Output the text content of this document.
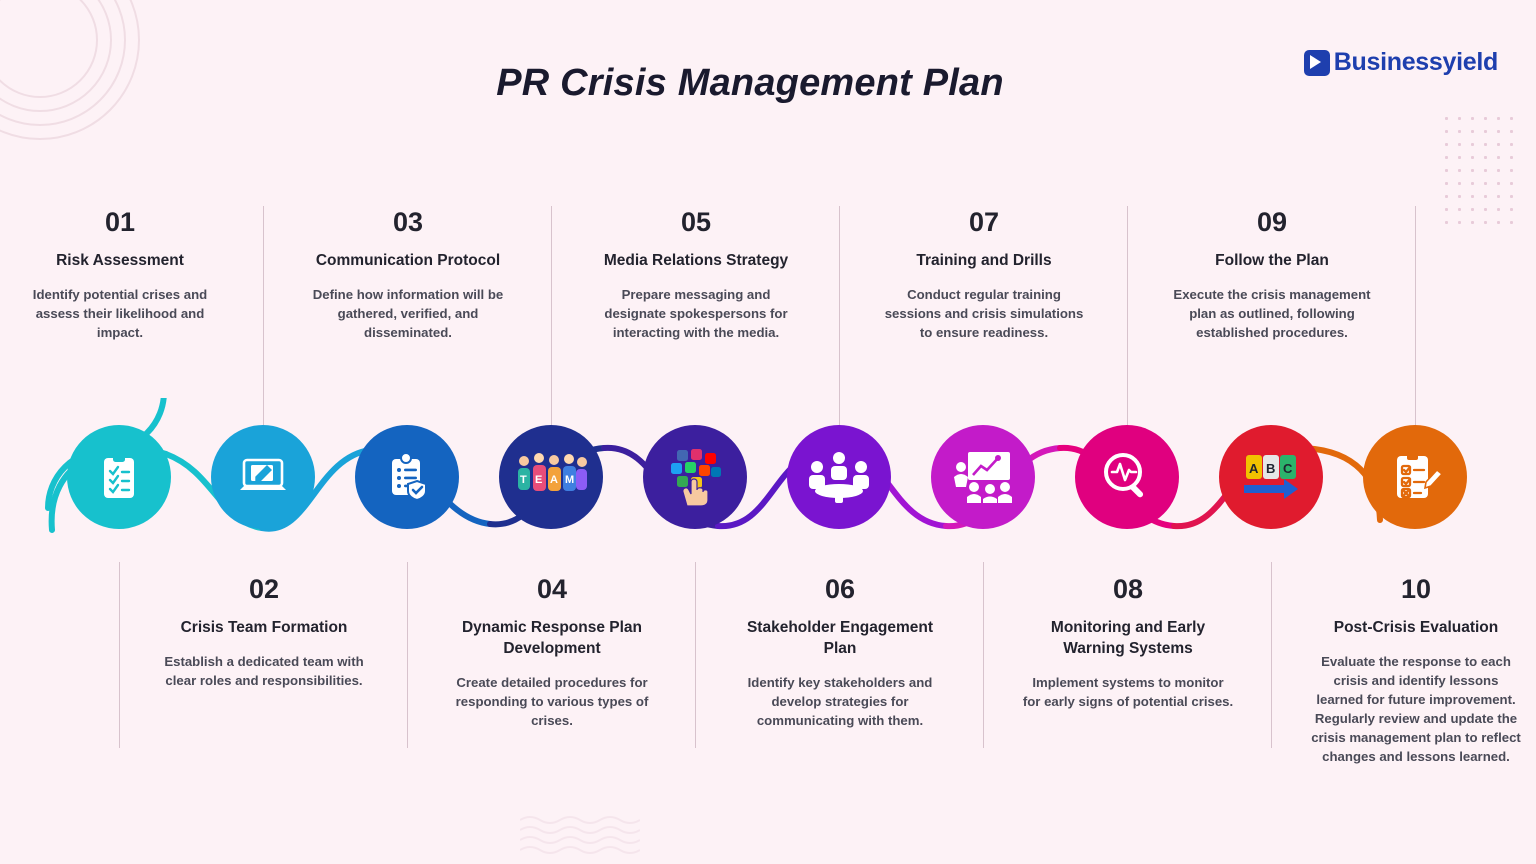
PR Crisis Management Plan	Businessyield
T E A M
A B C
01
Risk Assessment
Identify potential crises and assess their likelihood and impact.
02
Crisis Team Formation
Establish a dedicated team with clear roles and responsibilities.
03
Communication Protocol
Define how information will be gathered, verified, and disseminated.
04
Dynamic Response Plan Development
Create detailed procedures for responding to various types of crises.
05
Media Relations Strategy
Prepare messaging and designate spokespersons for interacting with the media.
06
Stakeholder Engagement Plan
Identify key stakeholders and develop strategies for communicating with them.
07
Training and Drills
Conduct regular training sessions and crisis simulations to ensure readiness.
08
Monitoring and Early Warning Systems
Implement systems to monitor for early signs of potential crises.
09
Follow the Plan
Execute the crisis management plan as outlined, following established procedures.
10
Post-Crisis Evaluation
Evaluate the response to each crisis and identify lessons learned for future improvement. Regularly review and update the crisis management plan to reflect changes and lessons learned.
